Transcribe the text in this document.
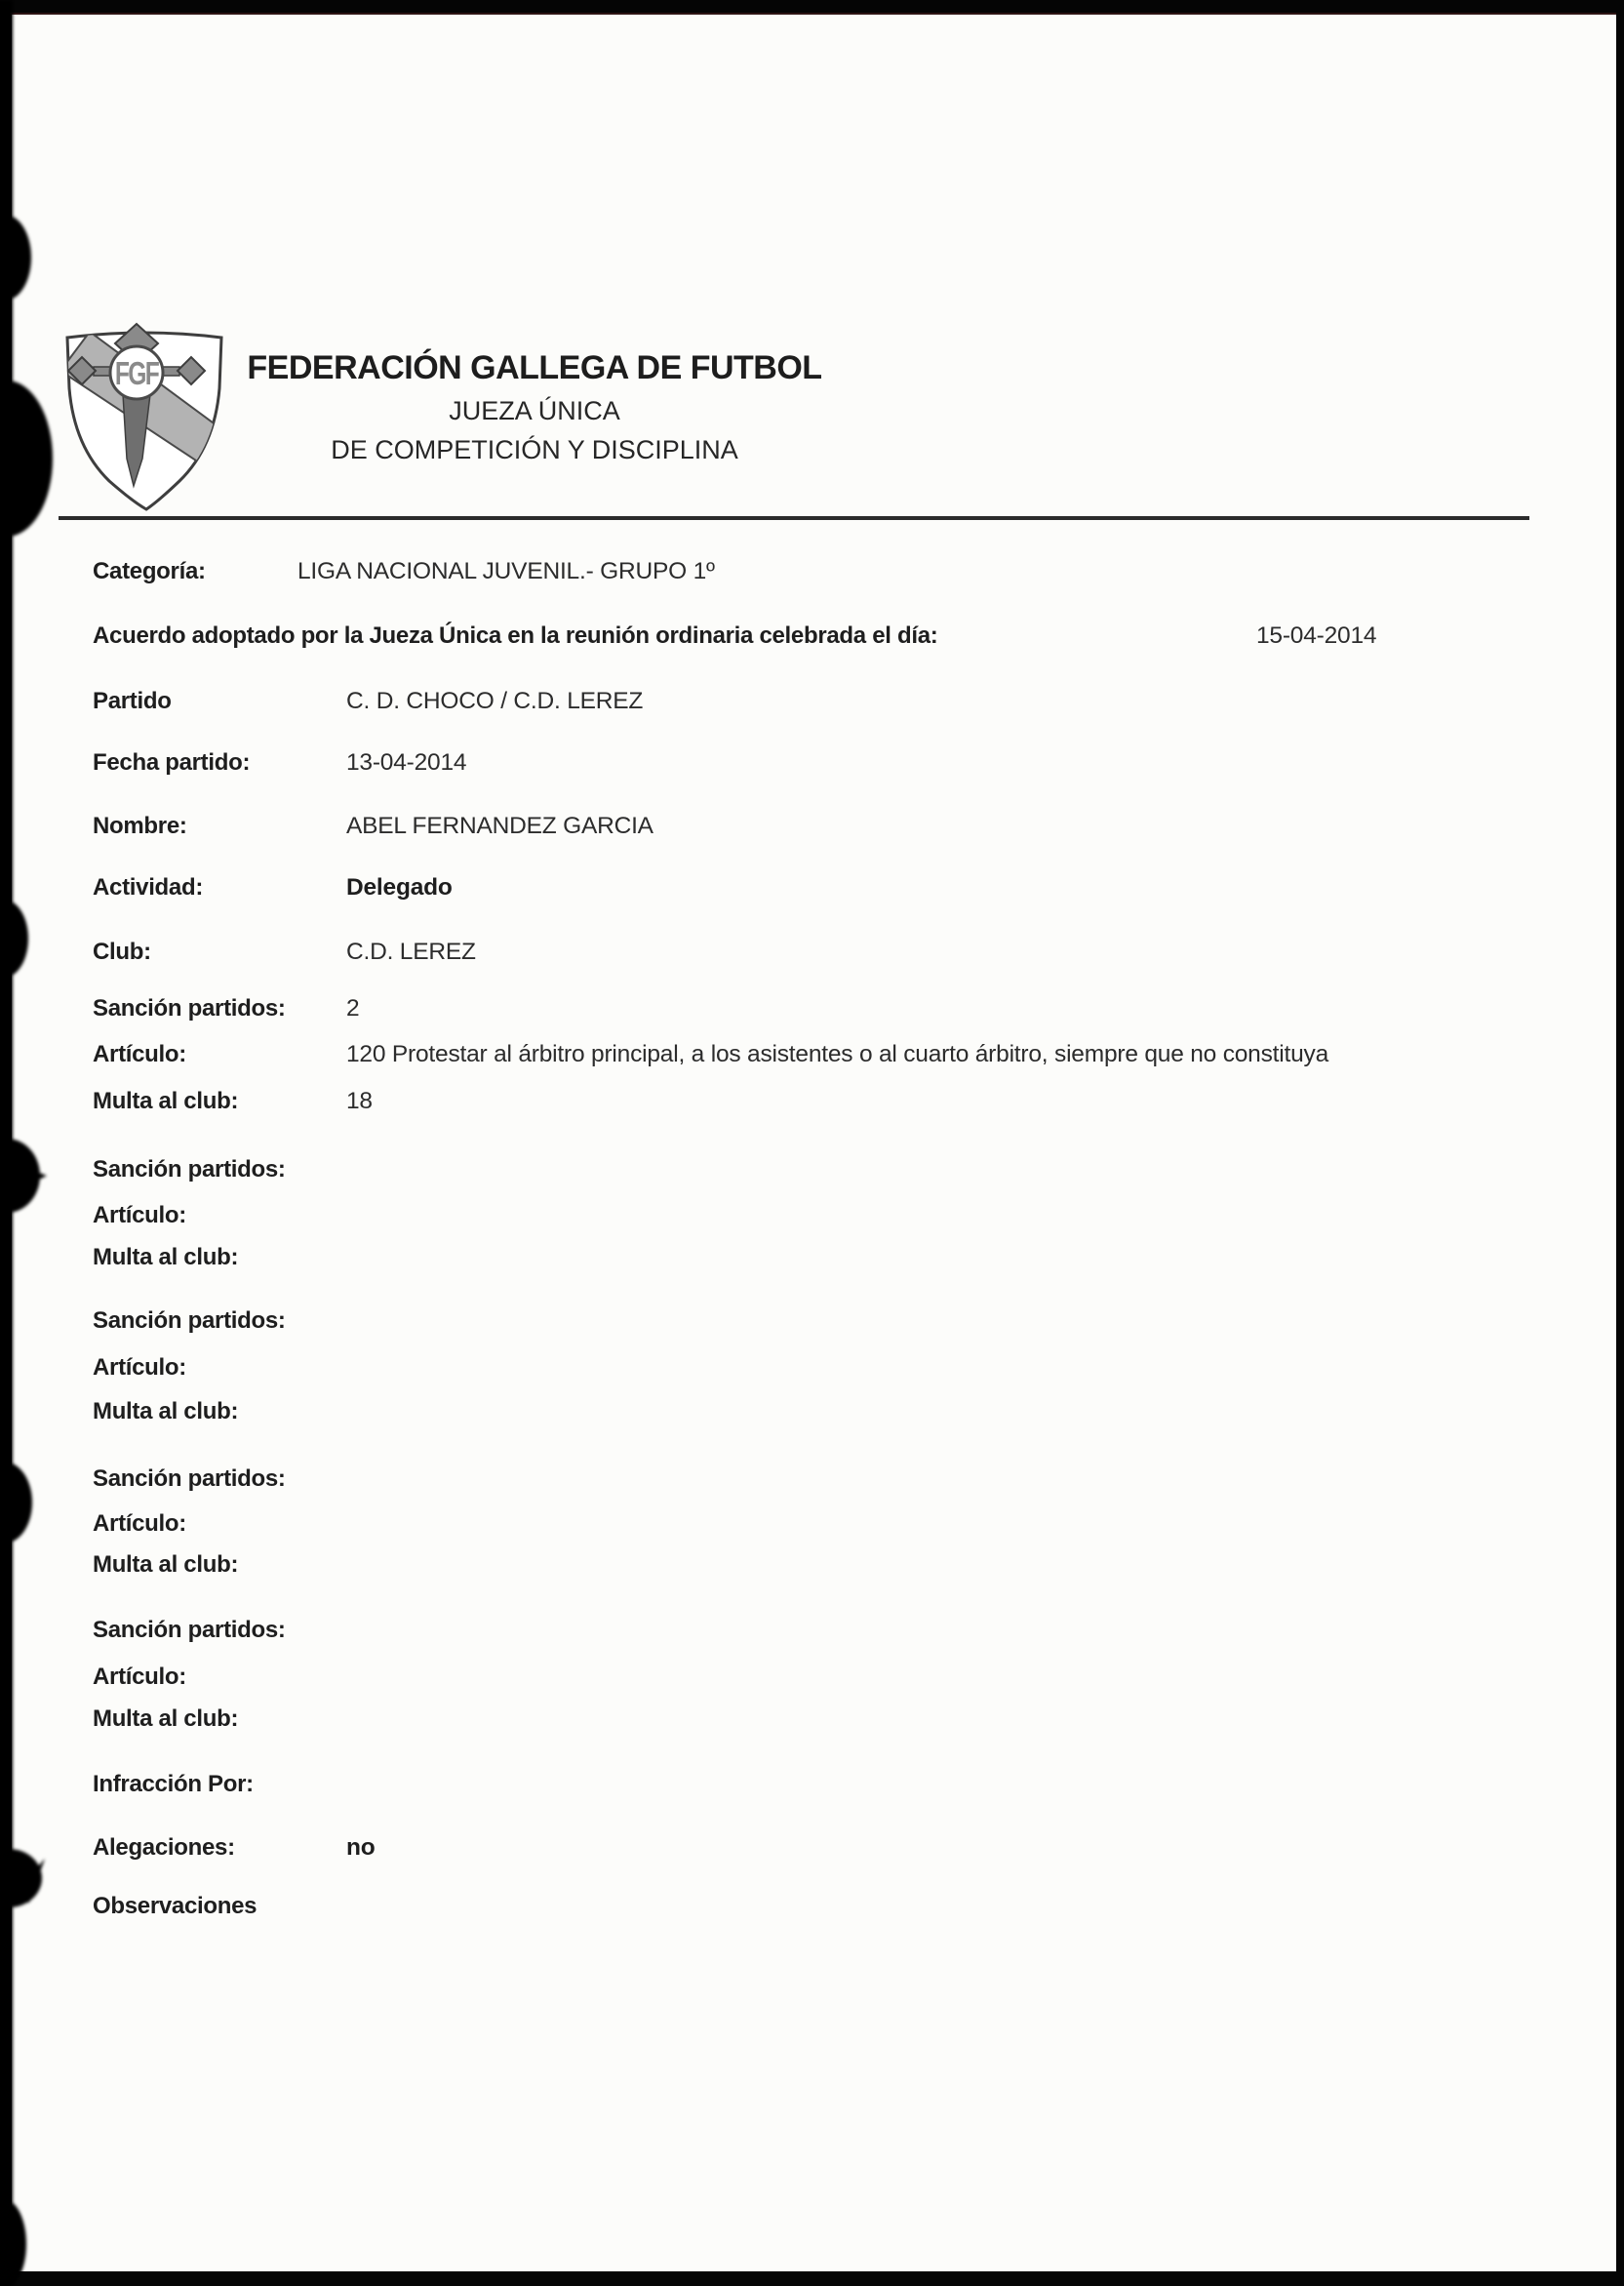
FGF	FEDERACIÓN GALLEGA DE FUTBOL
JUEZA ÚNICA
DE COMPETICIÓN Y DISCIPLINA
Categoría:	LIGA NACIONAL JUVENIL.- GRUPO 1º
Acuerdo adoptado por la Jueza Única en la reunión ordinaria celebrada el día:	15-04-2014
Partido	C. D. CHOCO / C.D. LEREZ
Fecha partido:	13-04-2014
Nombre:	ABEL FERNANDEZ GARCIA
Actividad:	Delegado
Club:	C.D. LEREZ
Sanción partidos:	2
Artículo:	120 Protestar al árbitro principal, a los asistentes o al cuarto árbitro, siempre que no constituya
Multa al club:	18
Sanción partidos:
Artículo:
Multa al club:
Sanción partidos:
Artículo:
Multa al club:
Sanción partidos:
Artículo:
Multa al club:
Sanción partidos:
Artículo:
Multa al club:
Infracción Por:
Alegaciones:	no
Observaciones
